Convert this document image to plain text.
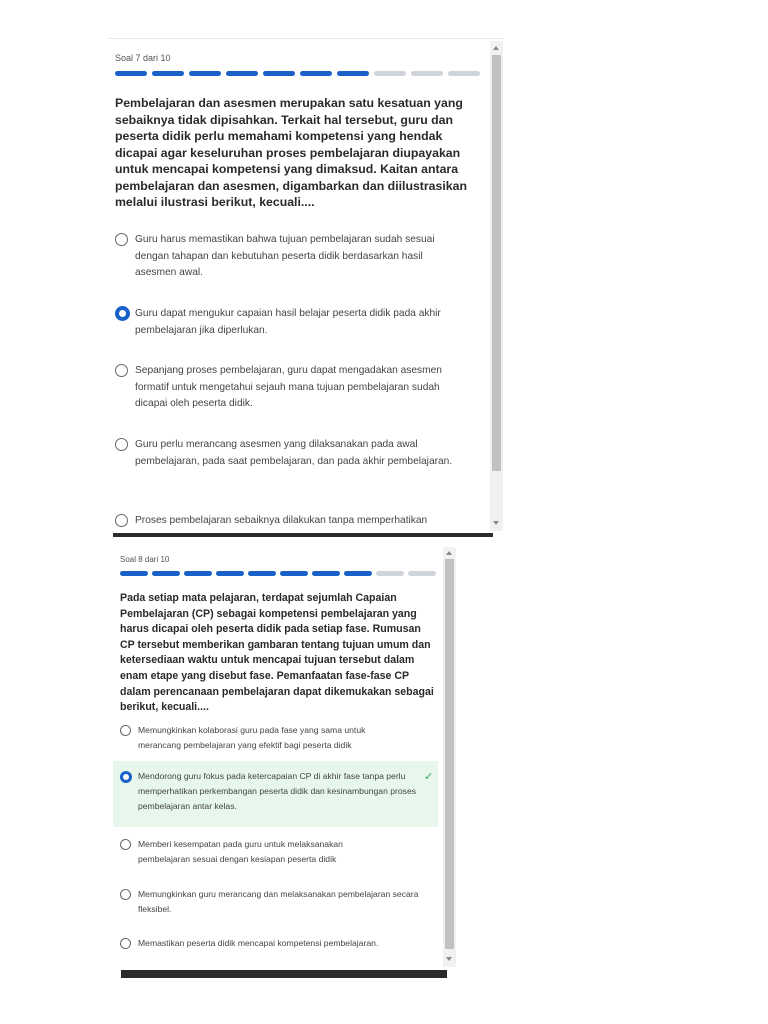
Soal 7 dari 10
Pembelajaran dan asesmen merupakan satu kesatuan yang sebaiknya tidak dipisahkan. Terkait hal tersebut, guru dan peserta didik perlu memahami kompetensi yang hendak dicapai agar keseluruhan proses pembelajaran diupayakan untuk mencapai kompetensi yang dimaksud. Kaitan antara pembelajaran dan asesmen, digambarkan dan diilustrasikan melalui ilustrasi berikut, kecuali....
Guru harus memastikan bahwa tujuan pembelajaran sudah sesuai dengan tahapan dan kebutuhan peserta didik berdasarkan hasil asesmen awal.
Guru dapat mengukur capaian hasil belajar peserta didik pada akhir pembelajaran jika diperlukan.
Sepanjang proses pembelajaran, guru dapat mengadakan asesmen formatif untuk mengetahui sejauh mana tujuan pembelajaran sudah dicapai oleh peserta didik.
Guru perlu merancang asesmen yang dilaksanakan pada awal pembelajaran, pada saat pembelajaran, dan pada akhir pembelajaran.
Proses pembelajaran sebaiknya dilakukan tanpa memperhatikan
Soal 8 dari 10
Pada setiap mata pelajaran, terdapat sejumlah Capaian Pembelajaran (CP) sebagai kompetensi pembelajaran yang harus dicapai oleh peserta didik pada setiap fase. Rumusan CP tersebut memberikan gambaran tentang tujuan umum dan ketersediaan waktu untuk mencapai tujuan tersebut dalam enam etape yang disebut fase. Pemanfaatan fase-fase CP dalam perencanaan pembelajaran dapat dikemukakan sebagai berikut, kecuali....
Memungkinkan kolaborasi guru pada fase yang sama untuk merancang pembelajaran yang efektif bagi peserta didik
Mendorong guru fokus pada ketercapaian CP di akhir fase tanpa perlu memperhatikan perkembangan peserta didik dan kesinambungan proses pembelajaran antar kelas.
✓
Memberi kesempatan pada guru untuk melaksanakan pembelajaran sesuai dengan kesiapan peserta didik
Memungkinkan guru merancang dan melaksanakan pembelajaran secara fleksibel.
Memastikan peserta didik mencapai kompetensi pembelajaran.
